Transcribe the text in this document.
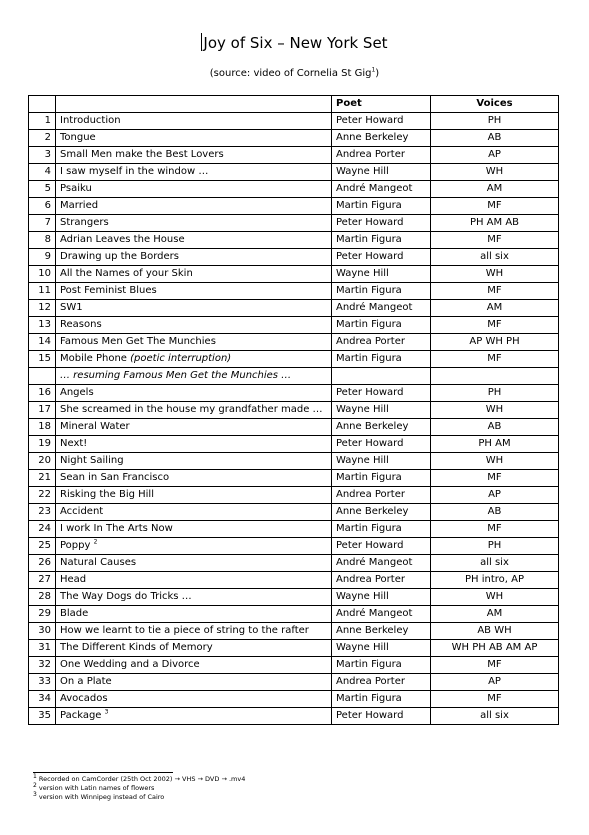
Joy of Six – New York Set
(source: video of Cornelia St Gig$^1$)
		Poet	Voices
1	Introduction	Peter Howard	PH
2	Tongue	Anne Berkeley	AB
3	Small Men make the Best Lovers	Andrea Porter	AP
4	I saw myself in the window …	Wayne Hill	WH
5	Psaiku	André Mangeot	AM
6	Married	Martin Figura	MF
7	Strangers	Peter Howard	PH AM AB
8	Adrian Leaves the House	Martin Figura	MF
9	Drawing up the Borders	Peter Howard	all six
10	All the Names of your Skin	Wayne Hill	WH
11	Post Feminist Blues	Martin Figura	MF
12	SW1	André Mangeot	AM
13	Reasons	Martin Figura	MF
14	Famous Men Get The Munchies	Andrea Porter	AP WH PH
15	Mobile Phone (poetic interruption)	Martin Figura	MF
	… resuming Famous Men Get the Munchies …		
16	Angels	Peter Howard	PH
17	She screamed in the house my grandfather made …	Wayne Hill	WH
18	Mineral Water	Anne Berkeley	AB
19	Next!	Peter Howard	PH AM
20	Night Sailing	Wayne Hill	WH
21	Sean in San Francisco	Martin Figura	MF
22	Risking the Big Hill	Andrea Porter	AP
23	Accident	Anne Berkeley	AB
24	I work In The Arts Now	Martin Figura	MF
25	Poppy $^2$	Peter Howard	PH
26	Natural Causes	André Mangeot	all six
27	Head	Andrea Porter	PH intro, AP
28	The Way Dogs do Tricks …	Wayne Hill	WH
29	Blade	André Mangeot	AM
30	How we learnt to tie a piece of string to the rafter	Anne Berkeley	AB WH
31	The Different Kinds of Memory	Wayne Hill	WH PH AB AM AP
32	One Wedding and a Divorce	Martin Figura	MF
33	On a Plate	Andrea Porter	AP
34	Avocados	Martin Figura	MF
35	Package $^3$	Peter Howard	all six
$^1$ Recorded on CamCorder (25th Oct 2002) → VHS → DVD → .mv4
$^2$ version with Latin names of flowers
$^3$ version with Winnipeg instead of Cairo
